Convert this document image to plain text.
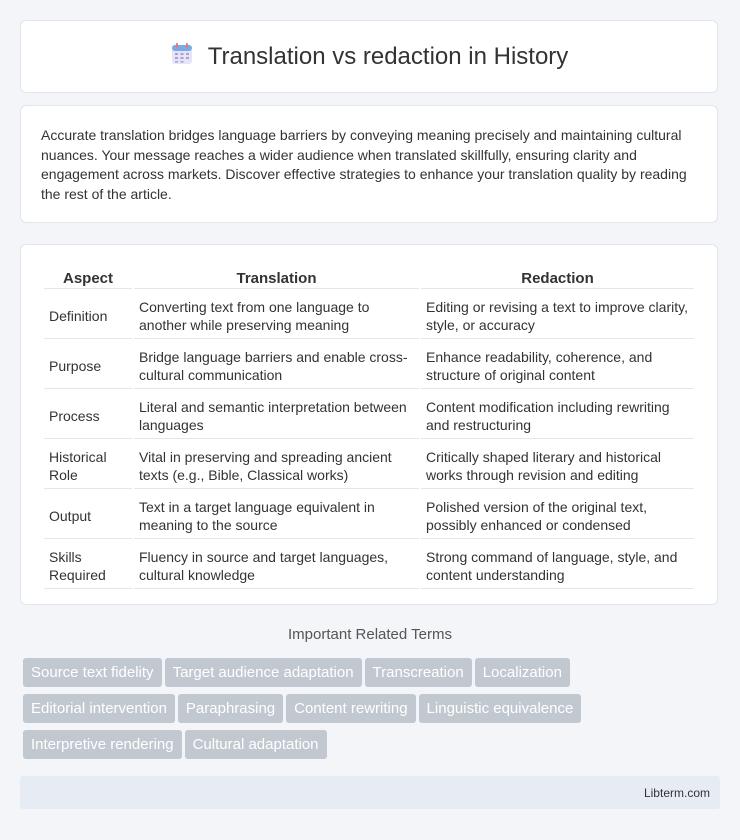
Translation vs redaction in History

Accurate translation bridges language barriers by conveying meaning precisely and maintaining cultural nuances. Your message reaches a wider audience when translated skillfully, ensuring clarity and engagement across markets. Discover effective strategies to enhance your translation quality by reading the rest of the article.

Aspect	Translation	Redaction
Definition	Converting text from one language to another while preserving meaning	Editing or revising a text to improve clarity, style, or accuracy
Purpose	Bridge language barriers and enable cross-cultural communication	Enhance readability, coherence, and structure of original content
Process	Literal and semantic interpretation between languages	Content modification including rewriting and restructuring
Historical Role	Vital in preserving and spreading ancient texts (e.g., Bible, Classical works)	Critically shaped literary and historical works through revision and editing
Output	Text in a target language equivalent in meaning to the source	Polished version of the original text, possibly enhanced or condensed
Skills Required	Fluency in source and target languages, cultural knowledge	Strong command of language, style, and content understanding
Important Related Terms
Source text fidelity Target audience adaptation Transcreation Localization
Editorial intervention Paraphrasing Content rewriting Linguistic equivalence
Interpretive rendering Cultural adaptation
Libterm.com
